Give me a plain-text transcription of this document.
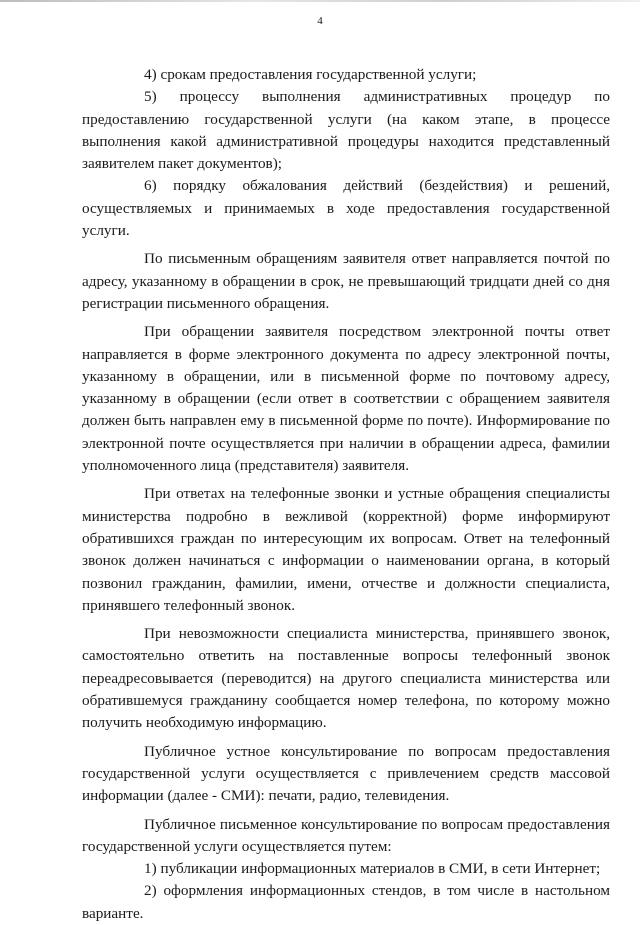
4

4) срокам предоставления государственной услуги;

5) процессу выполнения административных процедур по предоставлению государственной услуги (на каком этапе, в процессе выполнения какой административной процедуры находится представленный заявителем пакет документов);

6) порядку обжалования действий (бездействия) и решений, осуществляемых и принимаемых в ходе предоставления государственной услуги.

По письменным обращениям заявителя ответ направляется почтой по адресу, указанному в обращении в срок, не превышающий тридцати дней со дня регистрации письменного обращения.

При обращении заявителя посредством электронной почты ответ направляется в форме электронного документа по адресу электронной почты, указанному в обращении, или в письменной форме по почтовому адресу, указанному в обращении (если ответ в соответствии с обращением заявителя должен быть направлен ему в письменной форме по почте). Информирование по электронной почте осуществляется при наличии в обращении адреса, фамилии уполномоченного лица (представителя) заявителя.

При ответах на телефонные звонки и устные обращения специалисты министерства подробно в вежливой (корректной) форме информируют обратившихся граждан по интересующим их вопросам. Ответ на телефонный звонок должен начинаться с информации о наименовании органа, в который позвонил гражданин, фамилии, имени, отчестве и должности специалиста, принявшего телефонный звонок.

При невозможности специалиста министерства, принявшего звонок, самостоятельно ответить на поставленные вопросы телефонный звонок переадресовывается (переводится) на другого специалиста министерства или обратившемуся гражданину сообщается номер телефона, по которому можно получить необходимую информацию.

Публичное устное консультирование по вопросам предоставления государственной услуги осуществляется с привлечением средств массовой информации (далее - СМИ): печати, радио, телевидения.

Публичное письменное консультирование по вопросам предоставления государственной услуги осуществляется путем:

1) публикации информационных материалов в СМИ, в сети Интернет;

2) оформления информационных стендов, в том числе в настольном варианте.
